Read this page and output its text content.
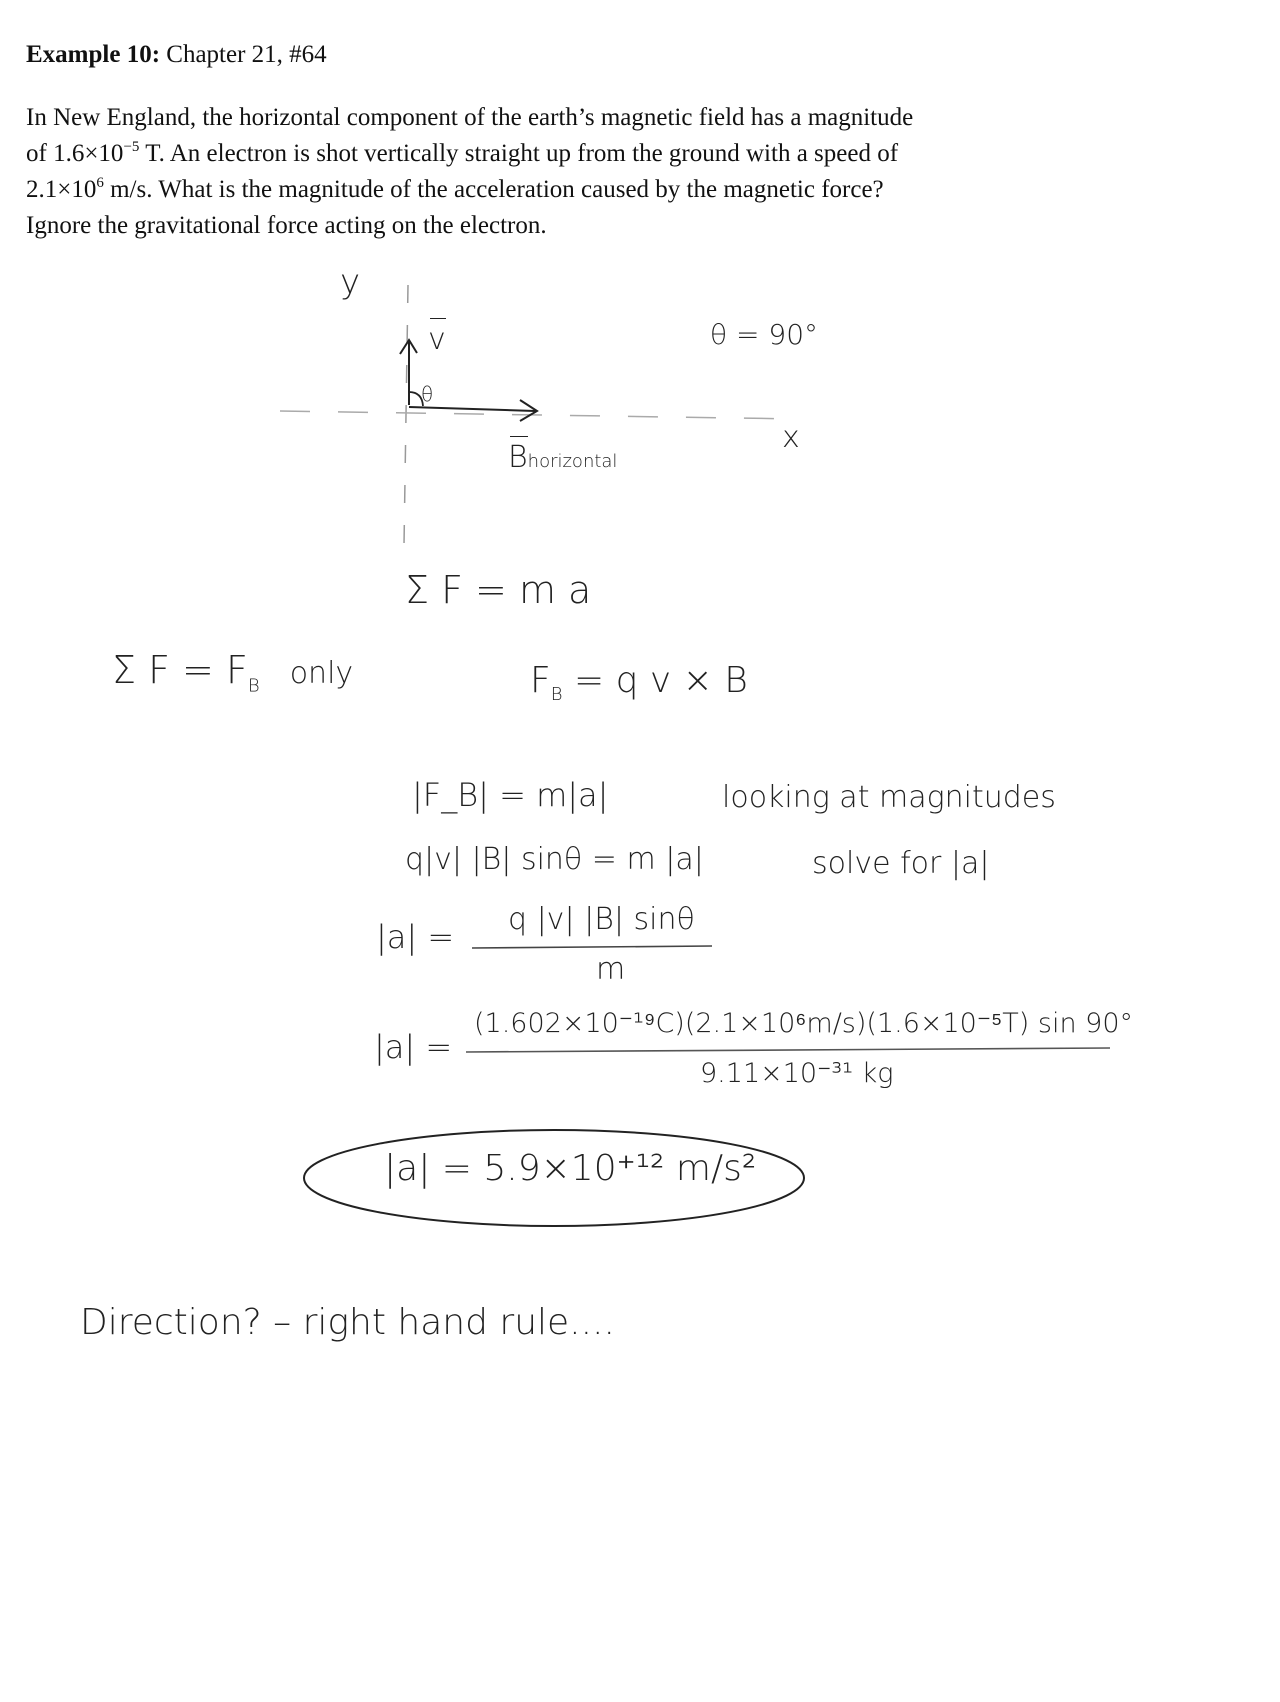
Example 10: Chapter 21, #64
In New England, the horizontal component of the earth’s magnetic field has a magnitude
of $1.6\times 10^{-5}$ T. An electron is shot vertically straight up from the ground with a speed of
$2.1\times 10^6$ m/s. What is the magnitude of the acceleration caused by the magnetic force?
Ignore the gravitational force acting on the electron.
y
v
θ
θ = 90°
x
Bhorizontal
Σ F = m a
Σ $F = F_B$ only	$F_B = q$ v × B
|F_B| = m|a|	looking at magnitudes
q|v| |B| sinθ = m |a|	solve for |a|
|a| = q |v| |B| sinθ
m
|a| =
(1.602×10⁻¹⁹C)(2.1×10⁶m/s)(1.6×10⁻⁵T) sin 90°
9.11×10⁻³¹ kg
|a| = 5.9×10⁺¹² m/s²
Direction? – right hand rule....
